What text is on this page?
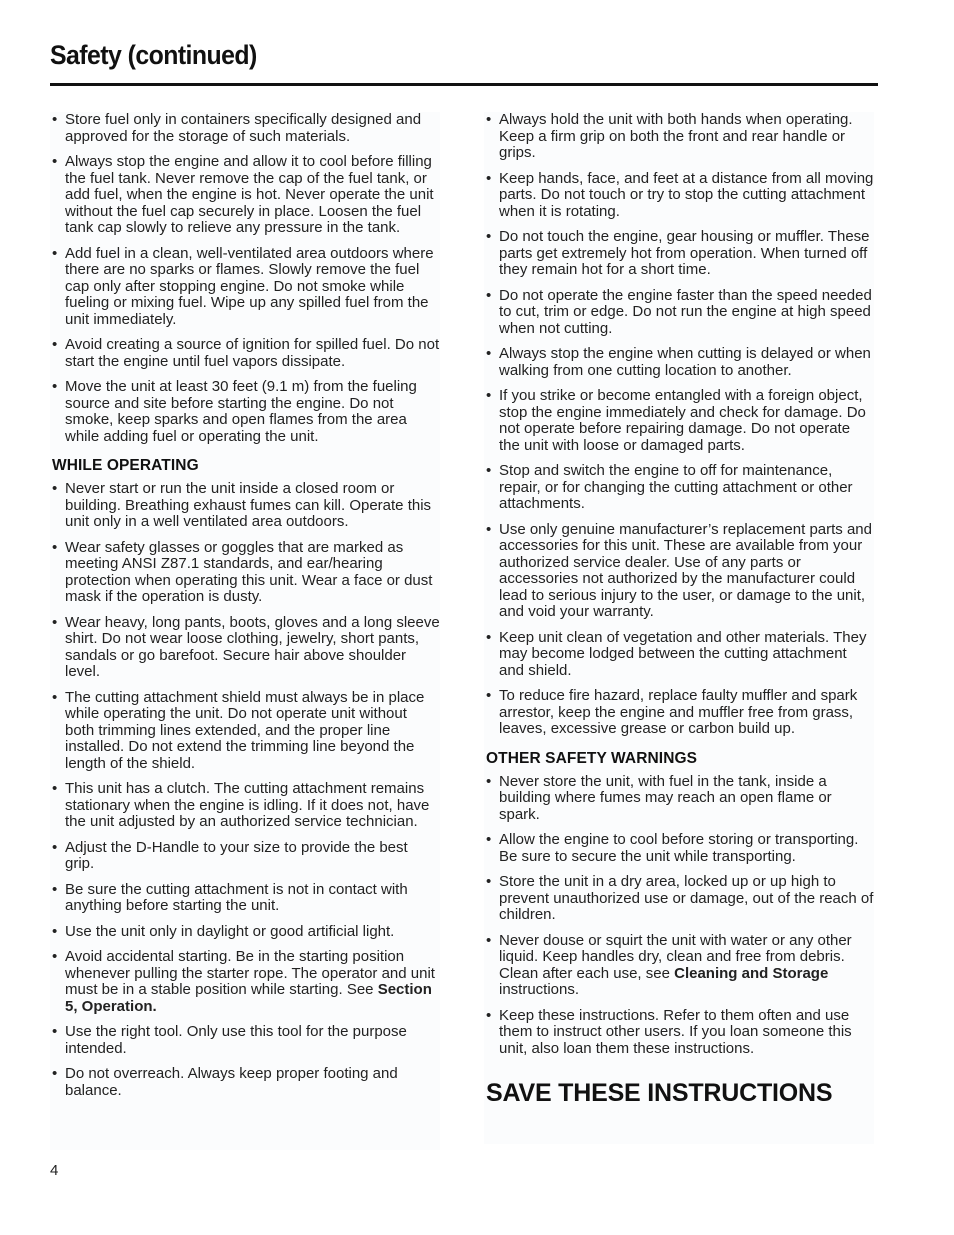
Safety (continued)
• Store fuel only in containers specifically designed and approved for the storage of such materials.
• Always stop the engine and allow it to cool before filling the fuel tank. Never remove the cap of the fuel tank, or add fuel, when the engine is hot. Never operate the unit without the fuel cap securely in place. Loosen the fuel tank cap slowly to relieve any pressure in the tank.
• Add fuel in a clean, well-ventilated area outdoors where there are no sparks or flames. Slowly remove the fuel cap only after stopping engine. Do not smoke while fueling or mixing fuel. Wipe up any spilled fuel from the unit immediately.
• Avoid creating a source of ignition for spilled fuel. Do not start the engine until fuel vapors dissipate.
• Move the unit at least 30 feet (9.1 m) from the fueling source and site before starting the engine. Do not smoke, keep sparks and open flames from the area while adding fuel or operating the unit.
WHILE OPERATING
• Never start or run the unit inside a closed room or building. Breathing exhaust fumes can kill. Operate this unit only in a well ventilated area outdoors.
• Wear safety glasses or goggles that are marked as meeting ANSI Z87.1 standards, and ear/hearing protection when operating this unit. Wear a face or dust mask if the operation is dusty.
• Wear heavy, long pants, boots, gloves and a long sleeve shirt. Do not wear loose clothing, jewelry, short pants, sandals or go barefoot. Secure hair above shoulder level.
• The cutting attachment shield must always be in place while operating the unit. Do not operate unit without both trimming lines extended, and the proper line installed. Do not extend the trimming line beyond the length of the shield.
• This unit has a clutch. The cutting attachment remains stationary when the engine is idling. If it does not, have the unit adjusted by an authorized service technician.
• Adjust the D-Handle to your size to provide the best grip.
• Be sure the cutting attachment is not in contact with anything before starting the unit.
• Use the unit only in daylight or good artificial light.
• Avoid accidental starting. Be in the starting position whenever pulling the starter rope. The operator and unit must be in a stable position while starting. See Section 5, Operation.
• Use the right tool. Only use this tool for the purpose intended.
• Do not overreach. Always keep proper footing and balance.
• Always hold the unit with both hands when operating. Keep a firm grip on both the front and rear handle or grips.
• Keep hands, face, and feet at a distance from all moving parts. Do not touch or try to stop the cutting attachment when it is rotating.
• Do not touch the engine, gear housing or muffler. These parts get extremely hot from operation. When turned off they remain hot for a short time.
• Do not operate the engine faster than the speed needed to cut, trim or edge. Do not run the engine at high speed when not cutting.
• Always stop the engine when cutting is delayed or when walking from one cutting location to another.
• If you strike or become entangled with a foreign object, stop the engine immediately and check for damage. Do not operate before repairing damage. Do not operate the unit with loose or damaged parts.
• Stop and switch the engine to off for maintenance, repair, or for changing the cutting attachment or other attachments.
• Use only genuine manufacturer’s replacement parts and accessories for this unit. These are available from your authorized service dealer. Use of any parts or accessories not authorized by the manufacturer could lead to serious injury to the user, or damage to the unit, and void your warranty.
• Keep unit clean of vegetation and other materials. They may become lodged between the cutting attachment and shield.
• To reduce fire hazard, replace faulty muffler and spark arrestor, keep the engine and muffler free from grass, leaves, excessive grease or carbon build up.
OTHER SAFETY WARNINGS
• Never store the unit, with fuel in the tank, inside a building where fumes may reach an open flame or spark.
• Allow the engine to cool before storing or transporting. Be sure to secure the unit while transporting.
• Store the unit in a dry area, locked up or up high to prevent unauthorized use or damage, out of the reach of children.
• Never douse or squirt the unit with water or any other liquid. Keep handles dry, clean and free from debris. Clean after each use, see Cleaning and Storage instructions.
• Keep these instructions. Refer to them often and use them to instruct other users. If you loan someone this unit, also loan them these instructions.
SAVE THESE INSTRUCTIONS
4
